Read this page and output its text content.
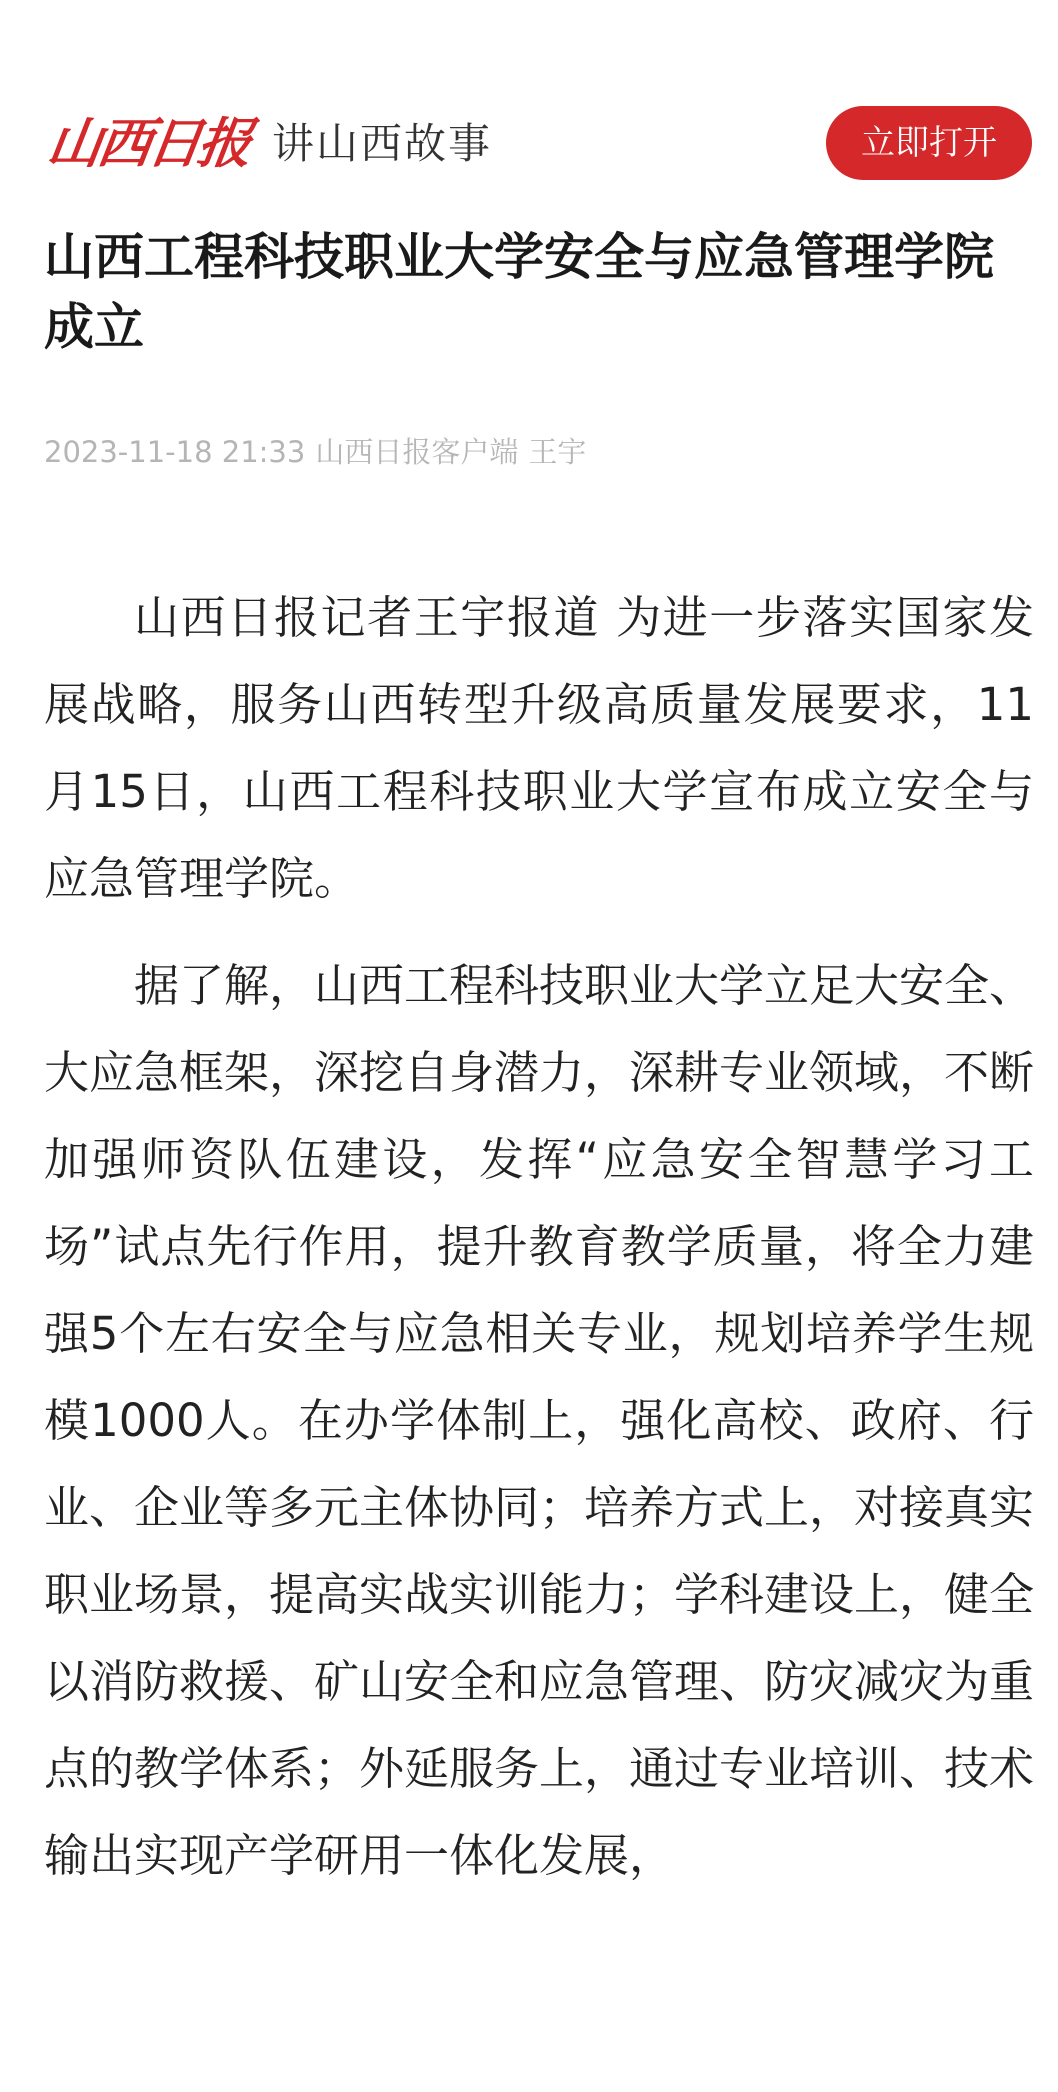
山西日报 讲山西故事	立即打开
山西工程科技职业大学安全与应急管理学院成立
2023-11-18 21:33 山西日报客户端 王宇

山西日报记者王宇报道 为进一步落实国家发展战略，服务山西转型升级高质量发展要求，11月15日，山西工程科技职业大学宣布成立安全与应急管理学院。

据了解，山西工程科技职业大学立足大安全、大应急框架，深挖自身潜力，深耕专业领域，不断加强师资队伍建设，发挥“应急安全智慧学习工场”试点先行作用，提升教育教学质量，将全力建强5个左右安全与应急相关专业，规划培养学生规模1000人。在办学体制上，强化高校、政府、行业、企业等多元主体协同；培养方式上，对接真实职业场景，提高实战实训能力；学科建设上，健全以消防救援、矿山安全和应急管理、防灾减灾为重点的教学体系；外延服务上，通过专业培训、技术输出实现产学研用一体化发展，
